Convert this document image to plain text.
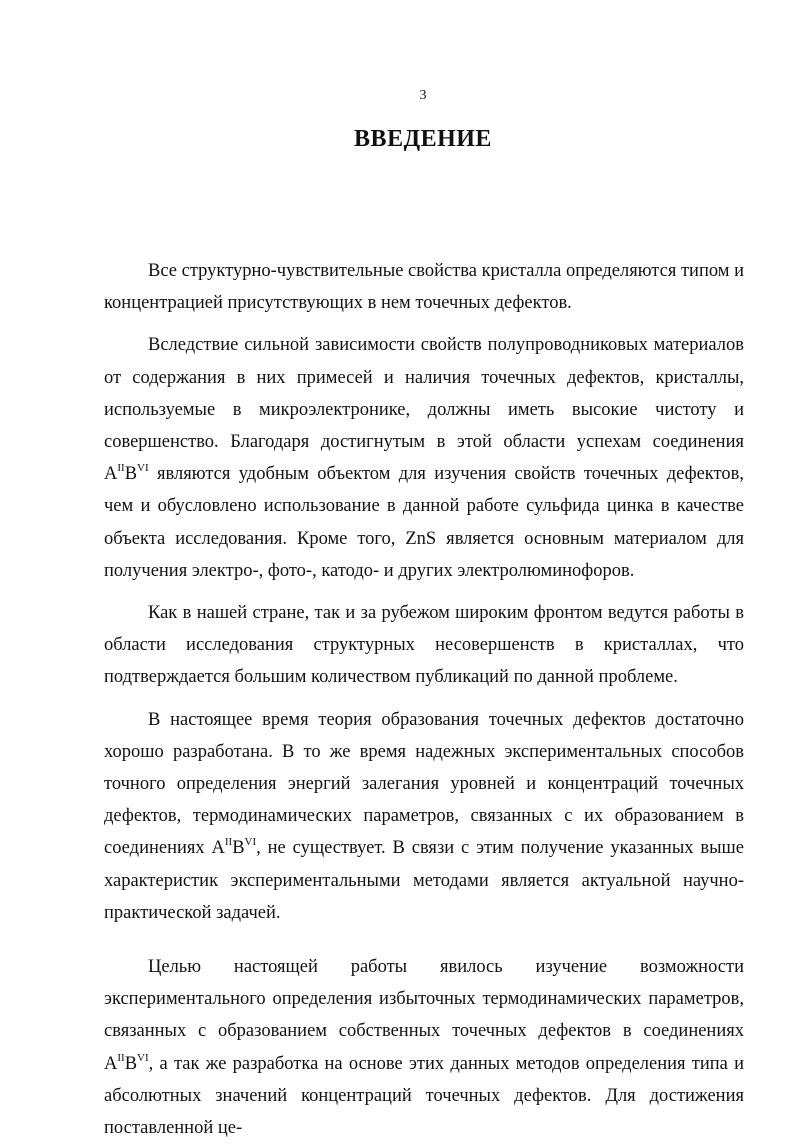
3
ВВЕДЕНИЕ

Все структурно-чувствительные свойства кристалла определяются типом и концентрацией присутствующих в нем точечных дефектов.

Вследствие сильной зависимости свойств полупроводниковых материалов от содержания в них примесей и наличия точечных дефектов, кристаллы, используемые в микроэлектронике, должны иметь высокие чистоту и совершенство. Благодаря достигнутым в этой области успехам соединения $A^{II}B^{VI}$ являются удобным объектом для изучения свойств точечных дефектов, чем и обусловлено использование в данной работе сульфида цинка в качестве объекта исследования. Кроме того, ZnS является основным материалом для получения электро-, фото-, катодо- и других электролюминофоров.

Как в нашей стране, так и за рубежом широким фронтом ведутся работы в области исследования структурных несовершенств в кристаллах, что подтверждается большим количеством публикаций по данной проблеме.

В настоящее время теория образования точечных дефектов достаточно хорошо разработана. В то же время надежных экспериментальных способов точного определения энергий залегания уровней и концентраций точечных дефектов, термодинамических параметров, связанных с их образованием в соединениях $A^{II}B^{VI}$, не существует. В связи с этим получение указанных выше характеристик экспериментальными методами является актуальной научно-практической задачей.

Целью настоящей работы явилось изучение возможности экспериментального определения избыточных термодинамических параметров, связанных с образованием собственных точечных дефектов в соединениях $A^{II}B^{VI}$, а так же разработка на основе этих данных методов определения типа и абсолютных значений концентраций точечных дефектов. Для достижения поставленной це-
